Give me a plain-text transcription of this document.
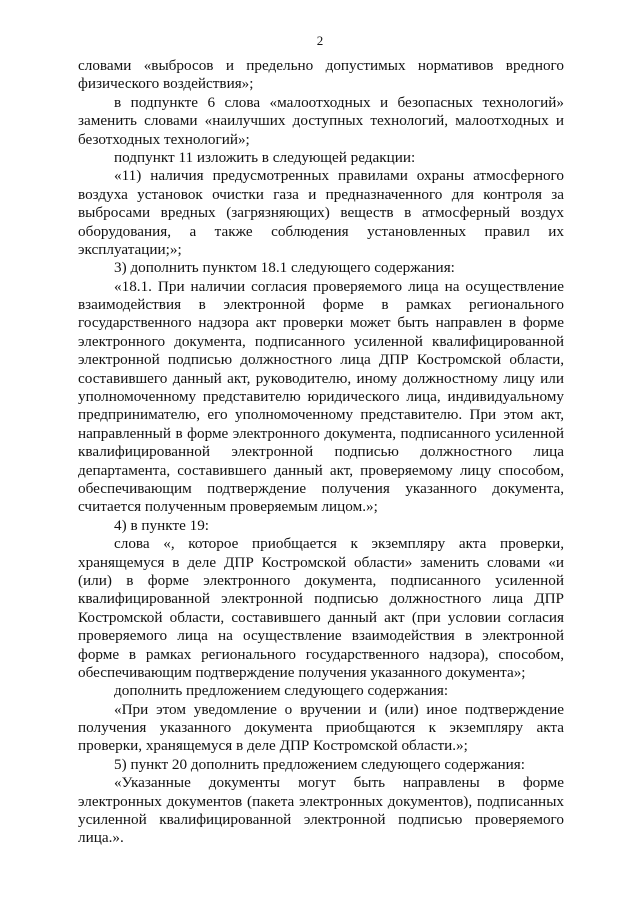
2
словами «выбросов и предельно допустимых нормативов вредного
физического воздействия»;
в подпункте 6 слова «малоотходных и безопасных технологий»
заменить словами «наилучших доступных технологий, малоотходных и
безотходных технологий»;
подпункт 11 изложить в следующей редакции:
«11) наличия предусмотренных правилами охраны атмосферного
воздуха установок очистки газа и предназначенного для контроля за
выбросами вредных (загрязняющих) веществ в атмосферный воздух
оборудования, а также соблюдения установленных правил их
эксплуатации;»;
3) дополнить пунктом 18.1 следующего содержания:
«18.1. При наличии согласия проверяемого лица на осуществление
взаимодействия в электронной форме в рамках регионального
государственного надзора акт проверки может быть направлен в форме
электронного документа, подписанного усиленной квалифицированной
электронной подписью должностного лица ДПР Костромской области,
составившего данный акт, руководителю, иному должностному лицу или
уполномоченному представителю юридического лица, индивидуальному
предпринимателю, его уполномоченному представителю. При этом акт,
направленный в форме электронного документа, подписанного усиленной
квалифицированной электронной подписью должностного лица
департамента, составившего данный акт, проверяемому лицу способом,
обеспечивающим подтверждение получения указанного документа,
считается полученным проверяемым лицом.»;
4) в пункте 19:
слова «, которое приобщается к экземпляру акта проверки,
хранящемуся в деле ДПР Костромской области» заменить словами «и
(или) в форме электронного документа, подписанного усиленной
квалифицированной электронной подписью должностного лица ДПР
Костромской области, составившего данный акт (при условии согласия
проверяемого лица на осуществление взаимодействия в электронной
форме в рамках регионального государственного надзора), способом,
обеспечивающим подтверждение получения указанного документа»;
дополнить предложением следующего содержания:
«При этом уведомление о вручении и (или) иное подтверждение
получения указанного документа приобщаются к экземпляру акта
проверки, хранящемуся в деле ДПР Костромской области.»;
5) пункт 20 дополнить предложением следующего содержания:
«Указанные документы могут быть направлены в форме
электронных документов (пакета электронных документов), подписанных
усиленной квалифицированной электронной подписью проверяемого
лица.».
